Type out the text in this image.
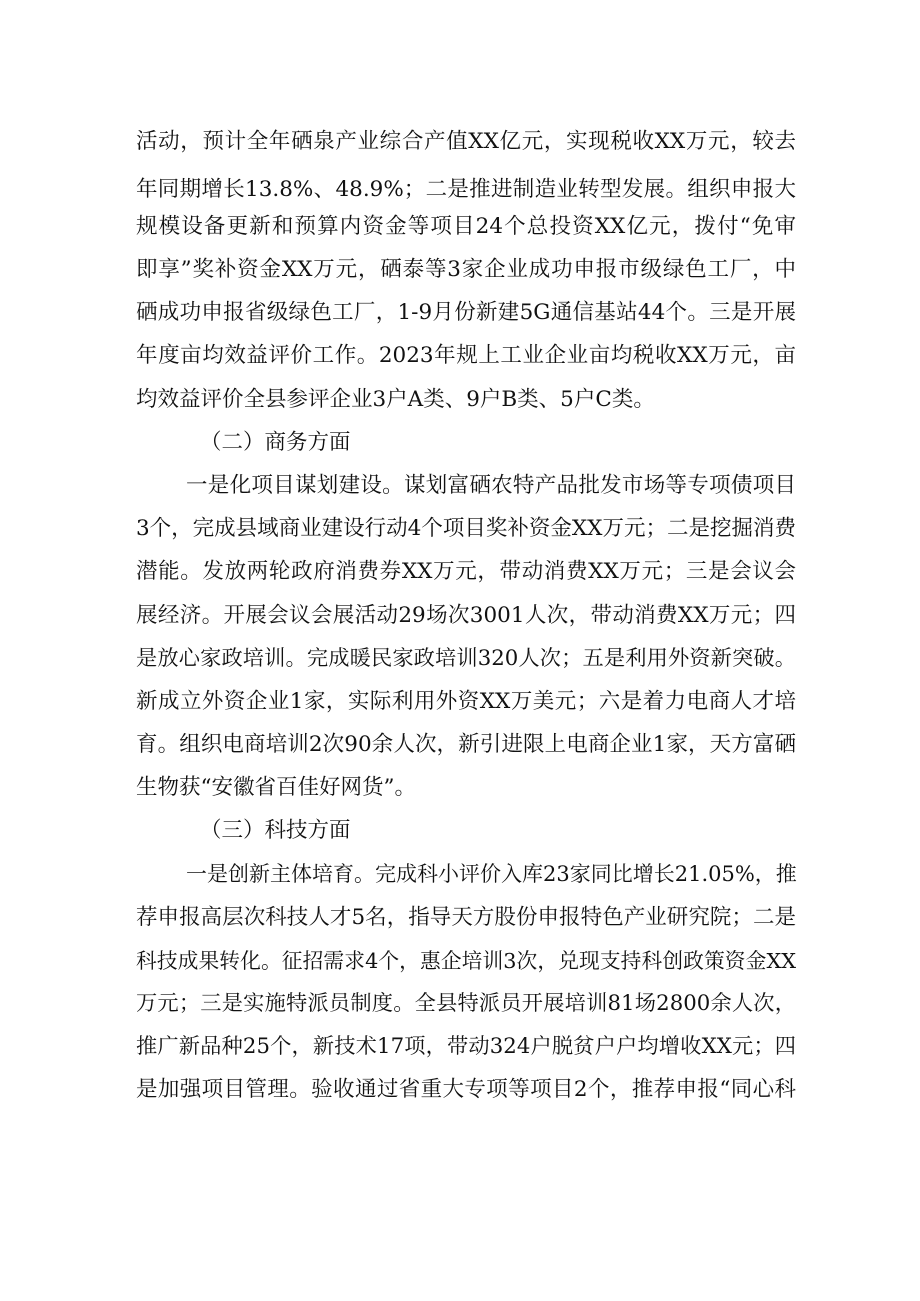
活动，预计全年硒泉产业综合产值XX亿元，实现税收XX万元，较去
年同期增长13.8%、48.9%；二是推进制造业转型发展。组织申报大
规模设备更新和预算内资金等项目24个总投资XX亿元，拨付“免审
即享”奖补资金XX万元，硒泰等3家企业成功申报市级绿色工厂，中
硒成功申报省级绿色工厂，1-9月份新建5G通信基站44个。三是开展
年度亩均效益评价工作。2023年规上工业企业亩均税收XX万元，亩
均效益评价全县参评企业3户A类、9户B类、5户C类。
（二）商务方面
一是化项目谋划建设。谋划富硒农特产品批发市场等专项债项目
3个，完成县域商业建设行动4个项目奖补资金XX万元；二是挖掘消费
潜能。发放两轮政府消费券XX万元，带动消费XX万元；三是会议会
展经济。开展会议会展活动29场次3001人次，带动消费XX万元；四
是放心家政培训。完成暖民家政培训320人次；五是利用外资新突破。
新成立外资企业1家，实际利用外资XX万美元；六是着力电商人才培
育。组织电商培训2次90余人次，新引进限上电商企业1家，天方富硒
生物获“安徽省百佳好网货”。
（三）科技方面
一是创新主体培育。完成科小评价入库23家同比增长21.05%，推
荐申报高层次科技人才5名，指导天方股份申报特色产业研究院；二是
科技成果转化。征招需求4个，惠企培训3次，兑现支持科创政策资金XX
万元；三是实施特派员制度。全县特派员开展培训81场2800余人次，
推广新品种25个，新技术17项，带动324户脱贫户户均增收XX元；四
是加强项目管理。验收通过省重大专项等项目2个，推荐申报“同心科
